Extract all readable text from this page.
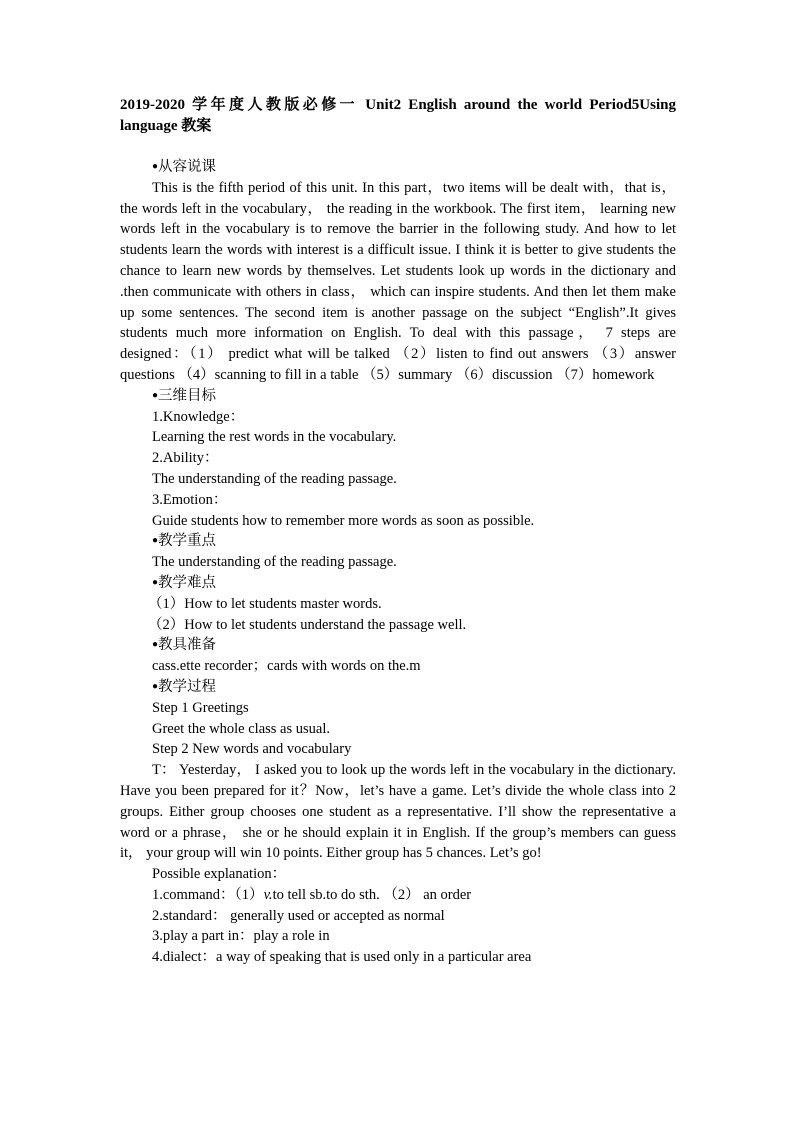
2019-2020 学年度人教版必修一 Unit2 English around the world Period5Using language 教案
●从容说课

This is the fifth period of this unit. In this part，two items will be dealt with，that is， the words left in the vocabulary， the reading in the workbook. The first item， learning new words left in the vocabulary is to remove the barrier in the following study. And how to let students learn the words with interest is a difficult issue. I think it is better to give students the chance to learn new words by themselves. Let students look up words in the dictionary and .then communicate with others in class， which can inspire students. And then let them make up some sentences. The second item is another passage on the subject “English”.It gives students much more information on English. To deal with this passage， 7 steps are designed：（1） predict what will be talked （2）listen to find out answers （3）answer questions （4）scanning to fill in a table （5）summary （6）discussion （7）homework

●三维目标
1.Knowledge：
Learning the rest words in the vocabulary.
2.Ability：
The understanding of the reading passage.
3.Emotion：
Guide students how to remember more words as soon as possible.
●教学重点
The understanding of the reading passage.
●教学难点
（1）How to let students master words.
（2）How to let students understand the passage well.
●教具准备
cass.ette recorder；cards with words on the.m
●教学过程
Step 1 Greetings
Greet the whole class as usual.
Step 2 New words and vocabulary

T： Yesterday， I asked you to look up the words left in the vocabulary in the dictionary. Have you been prepared for it？Now，let’s have a game. Let’s divide the whole class into 2 groups. Either group chooses one student as a representative. I’ll show the representative a word or a phrase， she or he should explain it in English. If the group’s members can guess it， your group will win 10 points. Either group has 5 chances. Let’s go!

Possible explanation：
1.command：（1）v.to tell sb.to do sth. （2） an order
2.standard： generally used or accepted as normal
3.play a part in：play a role in
4.dialect：a way of speaking that is used only in a particular area
